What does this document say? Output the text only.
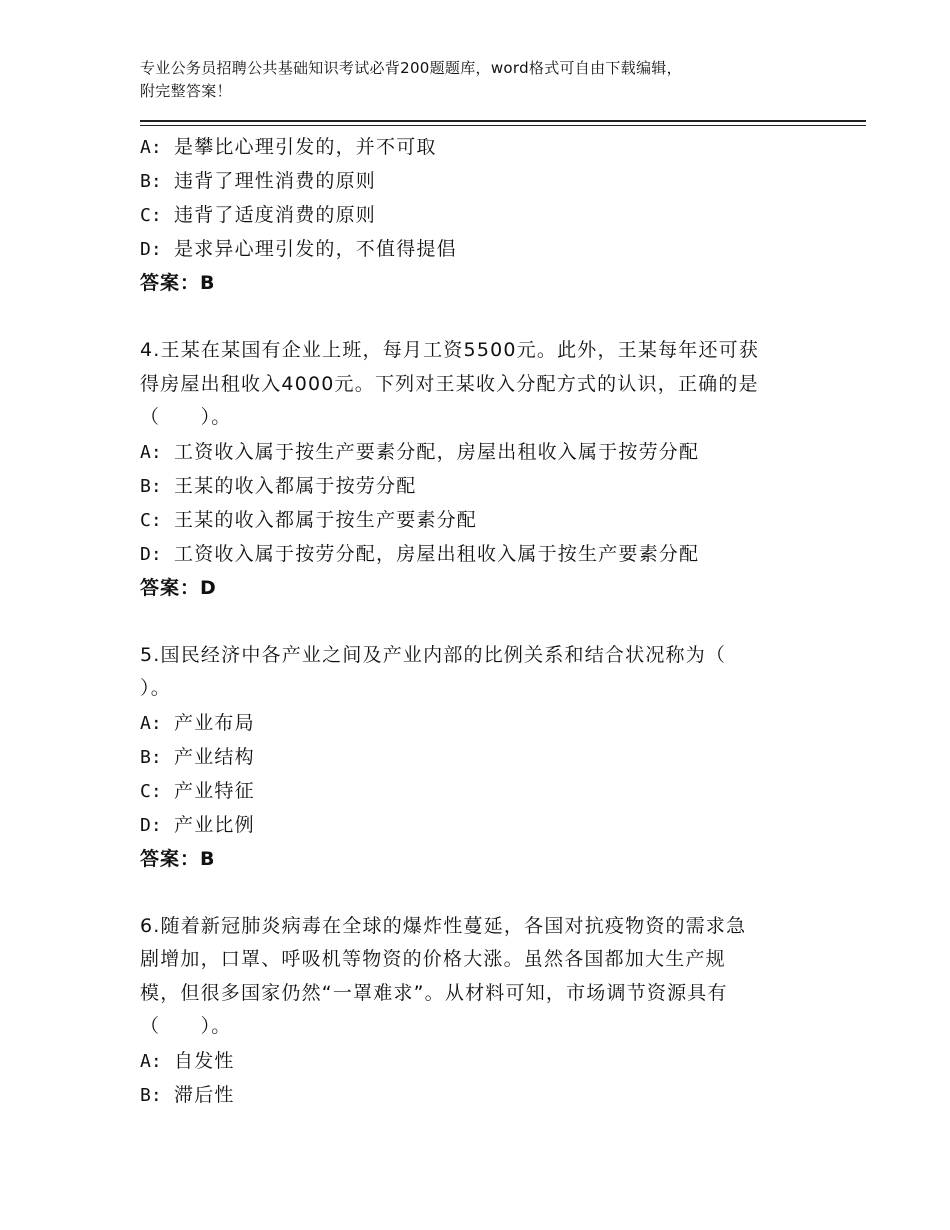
专业公务员招聘公共基础知识考试必背200题题库，word格式可自由下载编辑，
附完整答案！
A: 是攀比心理引发的，并不可取
B: 违背了理性消费的原则
C: 违背了适度消费的原则
D: 是求异心理引发的，不值得提倡
答案：B
4.王某在某国有企业上班，每月工资5500元。此外，王某每年还可获
得房屋出租收入4000元。下列对王某收入分配方式的认识，正确的是
（　　）。
A: 工资收入属于按生产要素分配，房屋出租收入属于按劳分配
B: 王某的收入都属于按劳分配
C: 王某的收入都属于按生产要素分配
D: 工资收入属于按劳分配，房屋出租收入属于按生产要素分配
答案：D
5.国民经济中各产业之间及产业内部的比例关系和结合状况称为（
）。
A: 产业布局
B: 产业结构
C: 产业特征
D: 产业比例
答案：B
6.随着新冠肺炎病毒在全球的爆炸性蔓延，各国对抗疫物资的需求急
剧增加，口罩、呼吸机等物资的价格大涨。虽然各国都加大生产规
模，但很多国家仍然“一罩难求”。从材料可知，市场调节资源具有
（　　）。
A: 自发性
B: 滞后性
